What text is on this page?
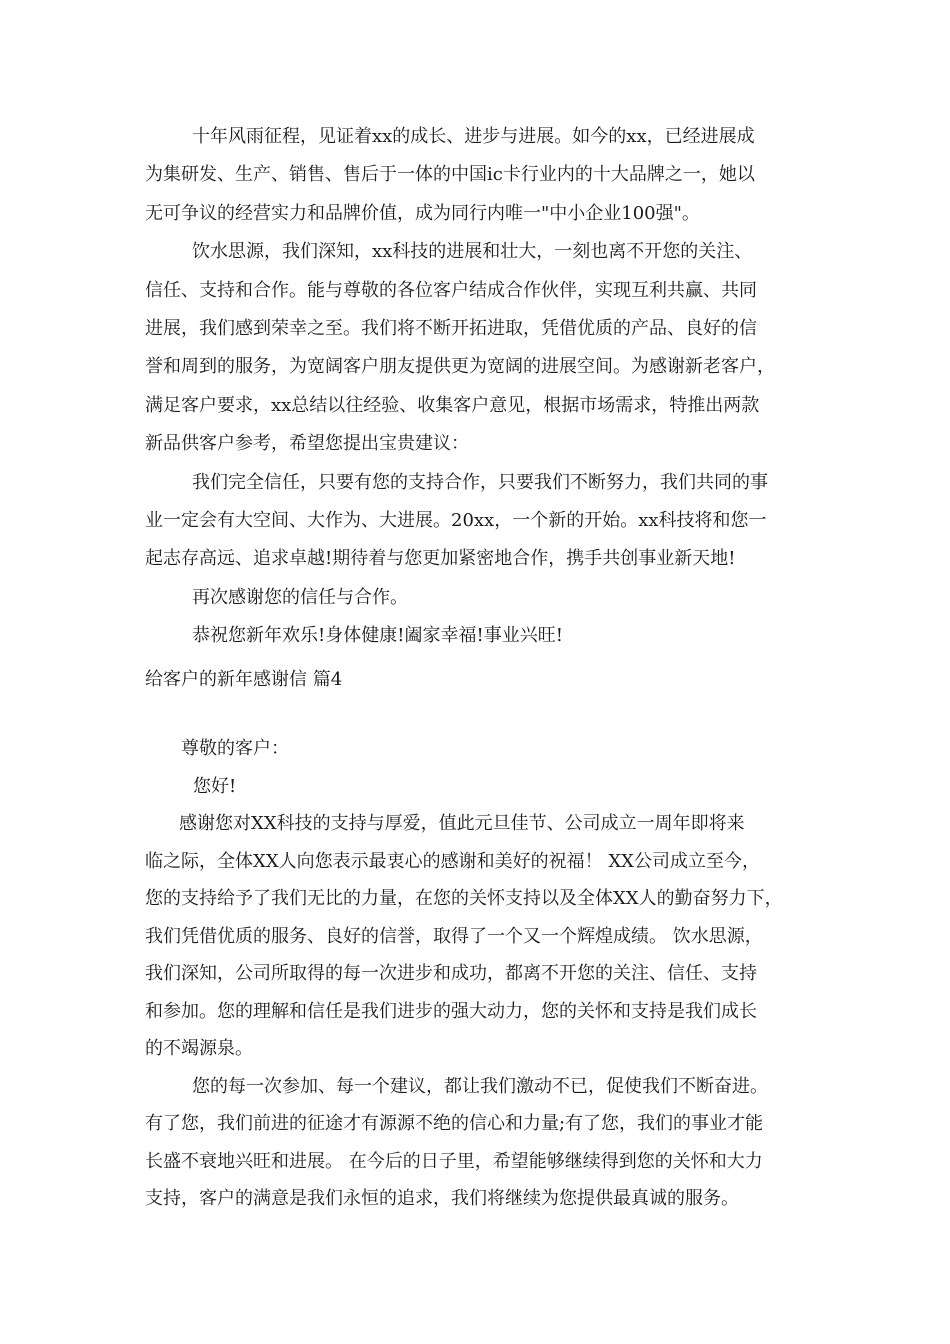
十年风雨征程，见证着xx的成长、进步与进展。如今的xx，已经进展成
为集研发、生产、销售、售后于一体的中国ic卡行业内的十大品牌之一，她以
无可争议的经营实力和品牌价值，成为同行内唯一"中小企业100强"。
饮水思源，我们深知，xx科技的进展和壮大，一刻也离不开您的关注、
信任、支持和合作。能与尊敬的各位客户结成合作伙伴，实现互利共赢、共同
进展，我们感到荣幸之至。我们将不断开拓进取，凭借优质的产品、良好的信
誉和周到的服务，为宽阔客户朋友提供更为宽阔的进展空间。为感谢新老客户，
满足客户要求，xx总结以往经验、收集客户意见，根据市场需求，特推出两款
新品供客户参考，希望您提出宝贵建议：
我们完全信任，只要有您的支持合作，只要我们不断努力，我们共同的事
业一定会有大空间、大作为、大进展。20xx，一个新的开始。xx科技将和您一
起志存高远、追求卓越!期待着与您更加紧密地合作，携手共创事业新天地!
再次感谢您的信任与合作。
恭祝您新年欢乐!身体健康!阖家幸福!事业兴旺!
给客户的新年感谢信 篇4
尊敬的客户：
您好!
感谢您对XX科技的支持与厚爱，值此元旦佳节、公司成立一周年即将来
临之际，全体XX人向您表示最衷心的感谢和美好的祝福！ XX公司成立至今，
您的支持给予了我们无比的力量，在您的关怀支持以及全体XX人的勤奋努力下，
我们凭借优质的服务、良好的信誉，取得了一个又一个辉煌成绩。 饮水思源，
我们深知，公司所取得的每一次进步和成功，都离不开您的关注、信任、支持
和参加。您的理解和信任是我们进步的强大动力，您的关怀和支持是我们成长
的不竭源泉。
您的每一次参加、每一个建议，都让我们激动不已，促使我们不断奋进。
有了您，我们前进的征途才有源源不绝的信心和力量;有了您，我们的事业才能
长盛不衰地兴旺和进展。 在今后的日子里，希望能够继续得到您的关怀和大力
支持，客户的满意是我们永恒的追求，我们将继续为您提供最真诚的服务。
